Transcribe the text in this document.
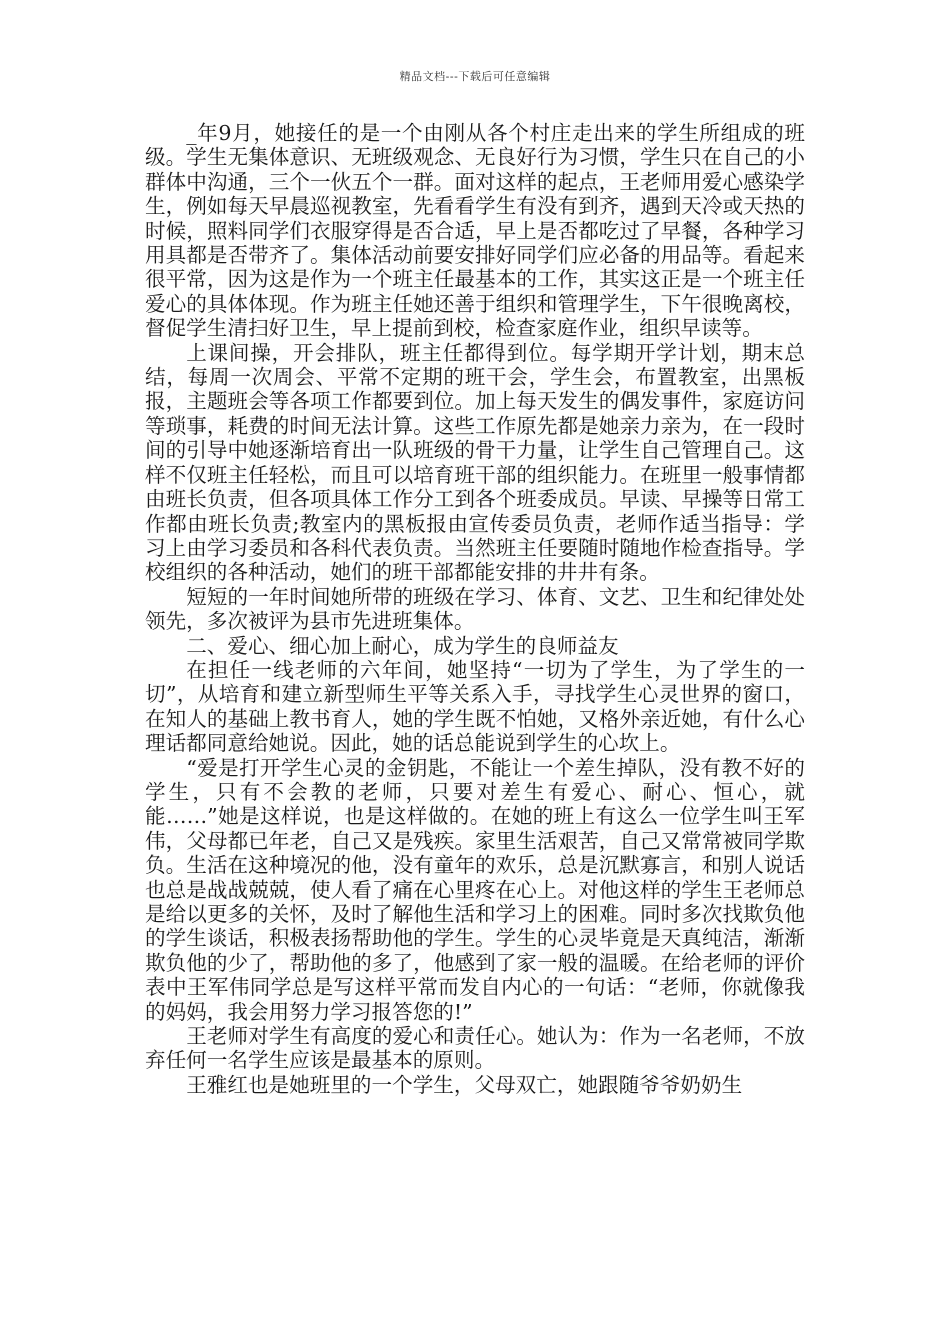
精品文档---下载后可任意编辑

_年9月，她接任的是一个由刚从各个村庄走出来的学生所组成的班级。学生无集体意识、无班级观念、无良好行为习惯，学生只在自己的小群体中沟通，三个一伙五个一群。面对这样的起点，王老师用爱心感染学生，例如每天早晨巡视教室，先看看学生有没有到齐，遇到天冷或天热的时候，照料同学们衣服穿得是否合适，早上是否都吃过了早餐，各种学习用具都是否带齐了。集体活动前要安排好同学们应必备的用品等。看起来很平常，因为这是作为一个班主任最基本的工作，其实这正是一个班主任爱心的具体体现。作为班主任她还善于组织和管理学生，下午很晚离校，督促学生清扫好卫生，早上提前到校，检查家庭作业，组织早读等。

上课间操，开会排队，班主任都得到位。每学期开学计划，期末总结，每周一次周会、平常不定期的班干会，学生会，布置教室，出黑板报，主题班会等各项工作都要到位。加上每天发生的偶发事件，家庭访问等琐事，耗费的时间无法计算。这些工作原先都是她亲力亲为，在一段时间的引导中她逐渐培育出一队班级的骨干力量，让学生自己管理自己。这样不仅班主任轻松，而且可以培育班干部的组织能力。在班里一般事情都由班长负责，但各项具体工作分工到各个班委成员。早读、早操等日常工作都由班长负责;教室内的黑板报由宣传委员负责，老师作适当指导：学习上由学习委员和各科代表负责。当然班主任要随时随地作检查指导。学校组织的各种活动，她们的班干部都能安排的井井有条。

短短的一年时间她所带的班级在学习、体育、文艺、卫生和纪律处处领先，多次被评为县市先进班集体。

二、爱心、细心加上耐心，成为学生的良师益友

在担任一线老师的六年间，她坚持“一切为了学生，为了学生的一切”，从培育和建立新型师生平等关系入手，寻找学生心灵世界的窗口，在知人的基础上教书育人，她的学生既不怕她，又格外亲近她，有什么心理话都同意给她说。因此，她的话总能说到学生的心坎上。

“爱是打开学生心灵的金钥匙，不能让一个差生掉队，没有教不好的学生，只有不会教的老师，只要对差生有爱心、耐心、恒心，就能……”她是这样说，也是这样做的。在她的班上有这么一位学生叫王军伟，父母都已年老，自己又是残疾。家里生活艰苦，自己又常常被同学欺负。生活在这种境况的他，没有童年的欢乐，总是沉默寡言，和别人说话也总是战战兢兢，使人看了痛在心里疼在心上。对他这样的学生王老师总是给以更多的关怀，及时了解他生活和学习上的困难。同时多次找欺负他的学生谈话，积极表扬帮助他的学生。学生的心灵毕竟是天真纯洁，渐渐欺负他的少了，帮助他的多了，他感到了家一般的温暖。在给老师的评价表中王军伟同学总是写这样平常而发自内心的一句话：“老师，你就像我的妈妈，我会用努力学习报答您的!”

王老师对学生有高度的爱心和责任心。她认为：作为一名老师，不放弃任何一名学生应该是最基本的原则。

王雅红也是她班里的一个学生，父母双亡，她跟随爷爷奶奶生
